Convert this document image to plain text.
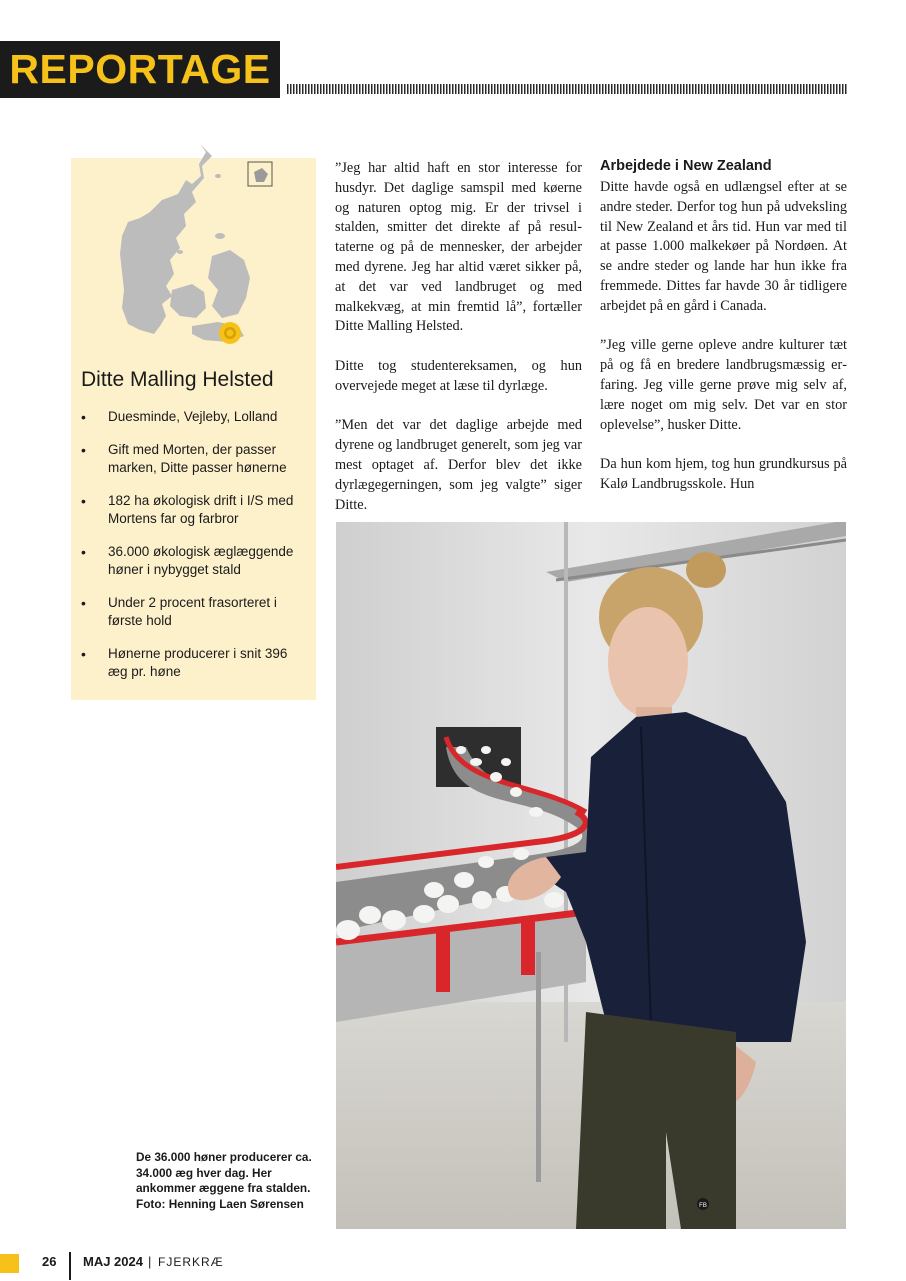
REPORTAGE
Ditte Malling Helsted
• Duesminde, Vejleby, Lolland
• Gift med Morten, der passer marken, Ditte passer hønerne
• 182 ha økologisk drift i I/S med Mortens far og farbror
• 36.000 økologisk æglæggende høner i nybygget stald
• Under 2 procent frasorteret i første hold
• Hønerne producerer i snit 396 æg pr. høne

”Jeg har altid haft en stor interesse for husdyr. Det daglige samspil med køerne og naturen optog mig. Er der trivsel i stalden, smitter det direkte af på resultaterne og på de mennesker, der arbejder med dyrene. Jeg har altid været sikker på, at det var ved landbruget og med malkekvæg, at min fremtid lå”, fortæller Ditte Malling Helsted.

Ditte tog studentereksamen, og hun overvejede meget at læse til dyrlæge.

”Men det var det daglige arbejde med dyrene og landbruget generelt, som jeg var mest optaget af. Derfor blev det ikke dyrlægegerningen, som jeg valgte” siger Ditte.

Arbejdede i New Zealand

Ditte havde også en udlængsel efter at se andre steder. Derfor tog hun på udveksling til New Zealand et års tid. Hun var med til at passe 1.000 malkekøer på Nordøen. At se andre steder og lande har hun ikke fra fremmede. Dittes far havde 30 år tidligere arbejdet på en gård i Canada.

”Jeg ville gerne opleve andre kulturer tæt på og få en bredere landbrugsmæssig erfaring. Jeg ville gerne prøve mig selv af, lære noget om mig selv. Det var en stor oplevelse”, husker Ditte.

Da hun kom hjem, tog hun grundkursus på Kalø Landbrugsskole. Hun

FB
De 36.000 høner producerer ca. 34.000 æg hver dag. Her ankommer æggene fra stalden. Foto: Henning Laen Sørensen
26 MAJ 2024 | FJERKRÆ
